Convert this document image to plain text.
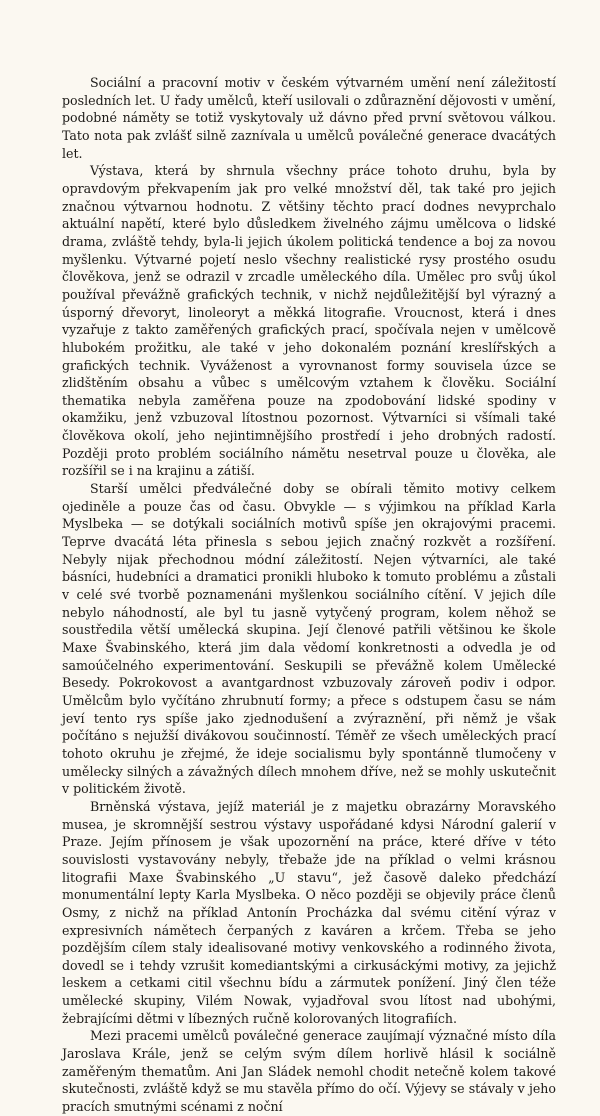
Sociální a pracovní motiv v českém výtvarném umění není záležitostí posledních let. U řady umělců, kteří usilovali o zdůraznění dějovosti v umění, podobné náměty se totiž vyskytovaly už dávno před první světovou válkou. Tato nota pak zvlášť silně zaznívala u umělců poválečné generace dvacátých let.

Výstava, která by shrnula všechny práce tohoto druhu, byla by opravdovým překvapením jak pro velké množství děl, tak také pro jejich značnou výtvarnou hodnotu. Z většiny těchto prací dodnes nevyprchalo aktuální napětí, které bylo důsledkem živelného zájmu umělcova o lidské drama, zvláště tehdy, byla-li jejich úkolem politická tendence a boj za novou myšlenku. Výtvarné pojetí neslo všechny realistické rysy prostého osudu člověkova, jenž se odrazil v zrcadle uměleckého díla. Umělec pro svůj úkol používal převážně grafických technik, v nichž nejdůležitější byl výrazný a úsporný dřevoryt, linoleoryt a měkká litografie. Vroucnost, která i dnes vyzařuje z takto zaměřených grafických prací, spočívala nejen v umělcově hlubokém prožitku, ale také v jeho dokonalém poznání kreslířských a grafických technik. Vyváženost a vyrovnanost formy souvisela úzce se zlidštěním obsahu a vůbec s umělcovým vztahem k člověku. Sociální thematika nebyla zaměřena pouze na zpodobování lidské spodiny v okamžiku, jenž vzbuzoval lítostnou pozornost. Výtvarníci si všímali také člověkova okolí, jeho nejintimnějšího prostředí i jeho drobných radostí. Později proto problém sociálního námětu nesetrval pouze u člověka, ale rozšířil se i na krajinu a zátiší.

Starší umělci předválečné doby se obírali těmito motivy celkem ojediněle a pouze čas od času. Obvykle — s výjimkou na příklad Karla Myslbeka — se dotýkali sociálních motivů spíše jen okrajovými pracemi. Teprve dvacátá léta přinesla s sebou jejich značný rozkvět a rozšíření. Nebyly nijak přechodnou módní záležitostí. Nejen výtvarníci, ale také básníci, hudebníci a dramatici pronikli hluboko k tomuto problému a zůstali v celé své tvorbě poznamenáni myšlenkou sociálního cítění. V jejich díle nebylo náhodností, ale byl tu jasně vytyčený program, kolem něhož se soustředila větší umělecká skupina. Její členové patřili většinou ke škole Maxe Švabinského, která jim dala vědomí konkretnosti a odvedla je od samoúčelného experimentování. Seskupili se převážně kolem Umělecké Besedy. Pokrokovost a avantgardnost vzbuzovaly zároveň podiv i odpor. Umělcům bylo vyčítáno zhrubnutí formy; a přece s odstupem času se nám jeví tento rys spíše jako zjednodušení a zvýraznění, při němž je však počítáno s nejužší divákovou součinností. Téměř ze všech uměleckých prací tohoto okruhu je zřejmé, že ideje socialismu byly spontánně tlumočeny v umělecky silných a závažných dílech mnohem dříve, než se mohly uskutečnit v politickém životě.

Brněnská výstava, jejíž materiál je z majetku obrazárny Moravského musea, je skromnější sestrou výstavy uspořádané kdysi Národní galerií v Praze. Jejím přínosem je však upozornění na práce, které dříve v této souvislosti vystavovány nebyly, třebaže jde na příklad o velmi krásnou litografii Maxe Švabinského „U stavu“, jež časově daleko předchází monumentální lepty Karla Myslbeka. O něco později se objevily práce členů Osmy, z nichž na příklad Antonín Procházka dal svému citění výraz v expresivních námětech čerpaných z kaváren a krčem. Třeba se jeho pozdějším cílem staly idealisované motivy venkovského a rodinného života, dovedl se i tehdy vzrušit komediantskými a cirkusáckými motivy, za jejichž leskem a cetkami citil všechnu bídu a zármutek ponížení. Jiný člen téže umělecké skupiny, Vilém Nowak, vyjadřoval svou lítost nad ubohými, žebrajícími dětmi v líbezných ručně kolorovaných litografiích.

Mezi pracemi umělců poválečné generace zaujímají význačné místo díla Jaroslava Krále, jenž se celým svým dílem horlivě hlásil k sociálně zaměřeným thematům. Ani Jan Sládek nemohl chodit netečně kolem takové skutečnosti, zvláště když se mu stavěla přímo do očí. Výjevy se stávaly v jeho pracích smutnými scénami z noční
